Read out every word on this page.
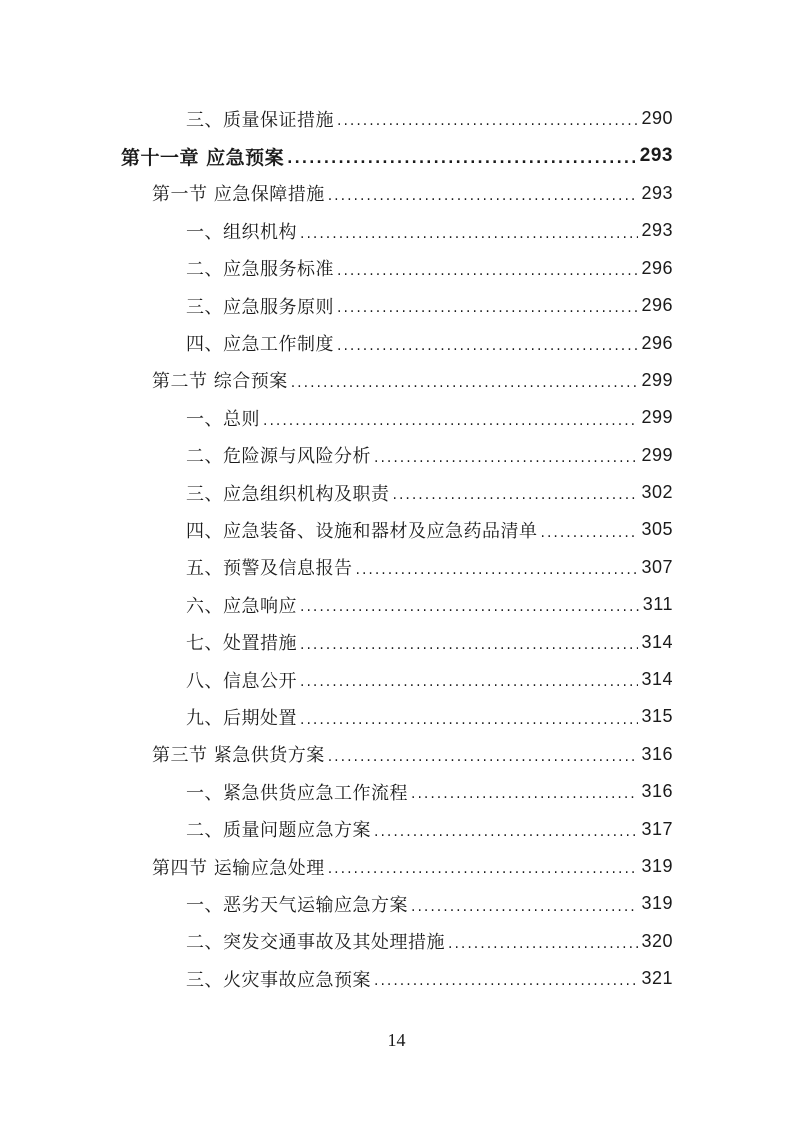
三、质量保证措施 .....	290
第十一章 应急预案 .....	293
第一节 应急保障措施 .....	293
一、组织机构 .....	293
二、应急服务标准 .....	296
三、应急服务原则 .....	296
四、应急工作制度 .....	296
第二节 综合预案 .....	299
一、总则 .....	299
二、危险源与风险分析 .....	299
三、应急组织机构及职责 .....	302
四、应急装备、设施和器材及应急药品清单 .....	305
五、预警及信息报告 .....	307
六、应急响应 .....	311
七、处置措施 .....	314
八、信息公开 .....	314
九、后期处置 .....	315
第三节 紧急供货方案 .....	316
一、紧急供货应急工作流程 .....	316
二、质量问题应急方案 .....	317
第四节 运输应急处理 .....	319
一、恶劣天气运输应急方案 .....	319
二、突发交通事故及其处理措施 .....	320
三、火灾事故应急预案 .....	321
14
